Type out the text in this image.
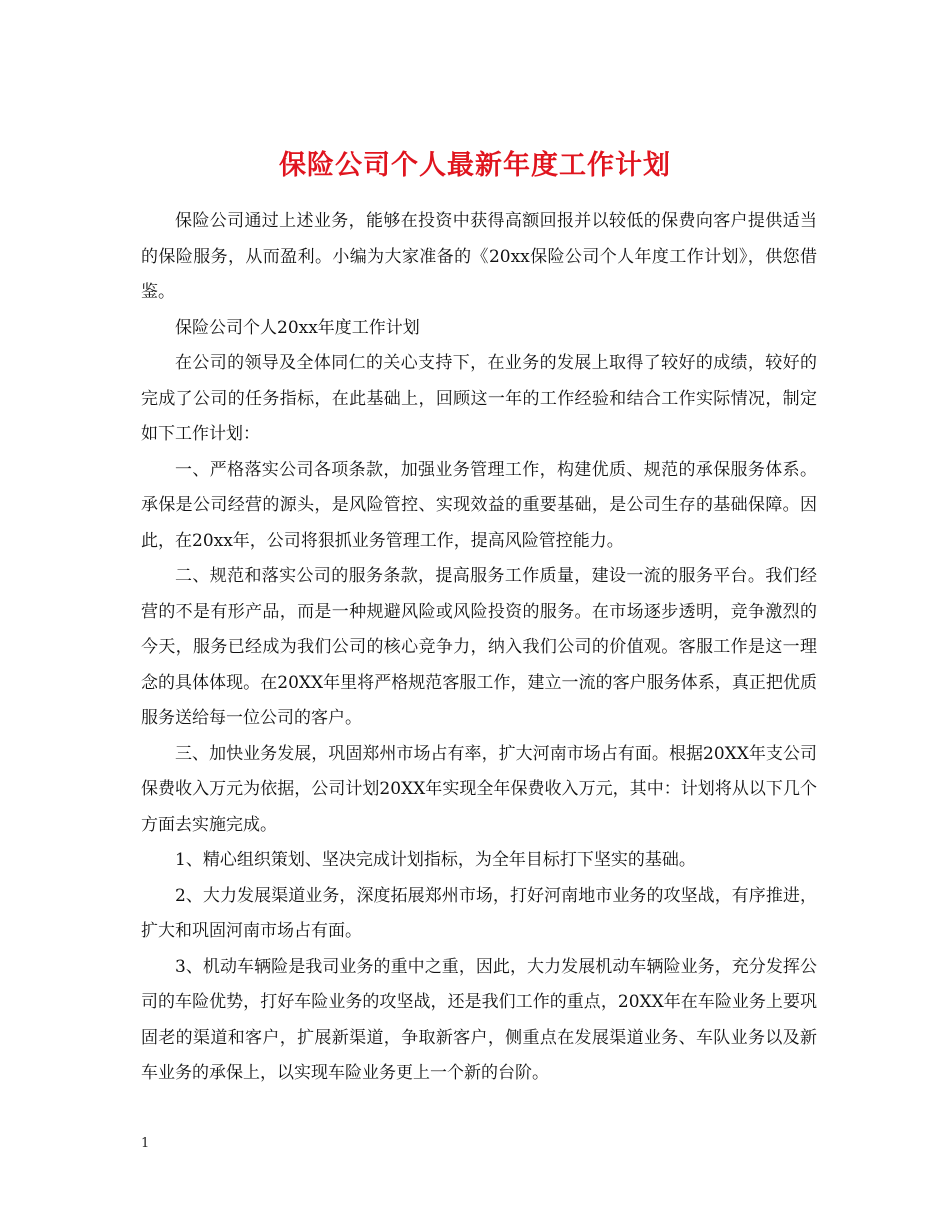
保险公司个人最新年度工作计划

保险公司通过上述业务，能够在投资中获得高额回报并以较低的保费向客户提供适当的保险服务，从而盈利。小编为大家准备的《20xx保险公司个人年度工作计划》，供您借鉴。

保险公司个人20xx年度工作计划

在公司的领导及全体同仁的关心支持下，在业务的发展上取得了较好的成绩，较好的完成了公司的任务指标，在此基础上，回顾这一年的工作经验和结合工作实际情况，制定如下工作计划：

一、严格落实公司各项条款，加强业务管理工作，构建优质、规范的承保服务体系。承保是公司经营的源头，是风险管控、实现效益的重要基础，是公司生存的基础保障。因此，在20xx年，公司将狠抓业务管理工作，提高风险管控能力。

二、规范和落实公司的服务条款，提高服务工作质量，建设一流的服务平台。我们经营的不是有形产品，而是一种规避风险或风险投资的服务。在市场逐步透明，竞争激烈的今天，服务已经成为我们公司的核心竞争力，纳入我们公司的价值观。客服工作是这一理念的具体体现。在20XX年里将严格规范客服工作，建立一流的客户服务体系，真正把优质服务送给每一位公司的客户。

三、加快业务发展，巩固郑州市场占有率，扩大河南市场占有面。根据20XX年支公司保费收入万元为依据，公司计划20XX年实现全年保费收入万元，其中：计划将从以下几个方面去实施完成。

1、精心组织策划、坚决完成计划指标，为全年目标打下坚实的基础。

2、大力发展渠道业务，深度拓展郑州市场，打好河南地市业务的攻坚战，有序推进，扩大和巩固河南市场占有面。

3、机动车辆险是我司业务的重中之重，因此，大力发展机动车辆险业务，充分发挥公司的车险优势，打好车险业务的攻坚战，还是我们工作的重点，20XX年在车险业务上要巩固老的渠道和客户，扩展新渠道，争取新客户，侧重点在发展渠道业务、车队业务以及新车业务的承保上，以实现车险业务更上一个新的台阶。

1
